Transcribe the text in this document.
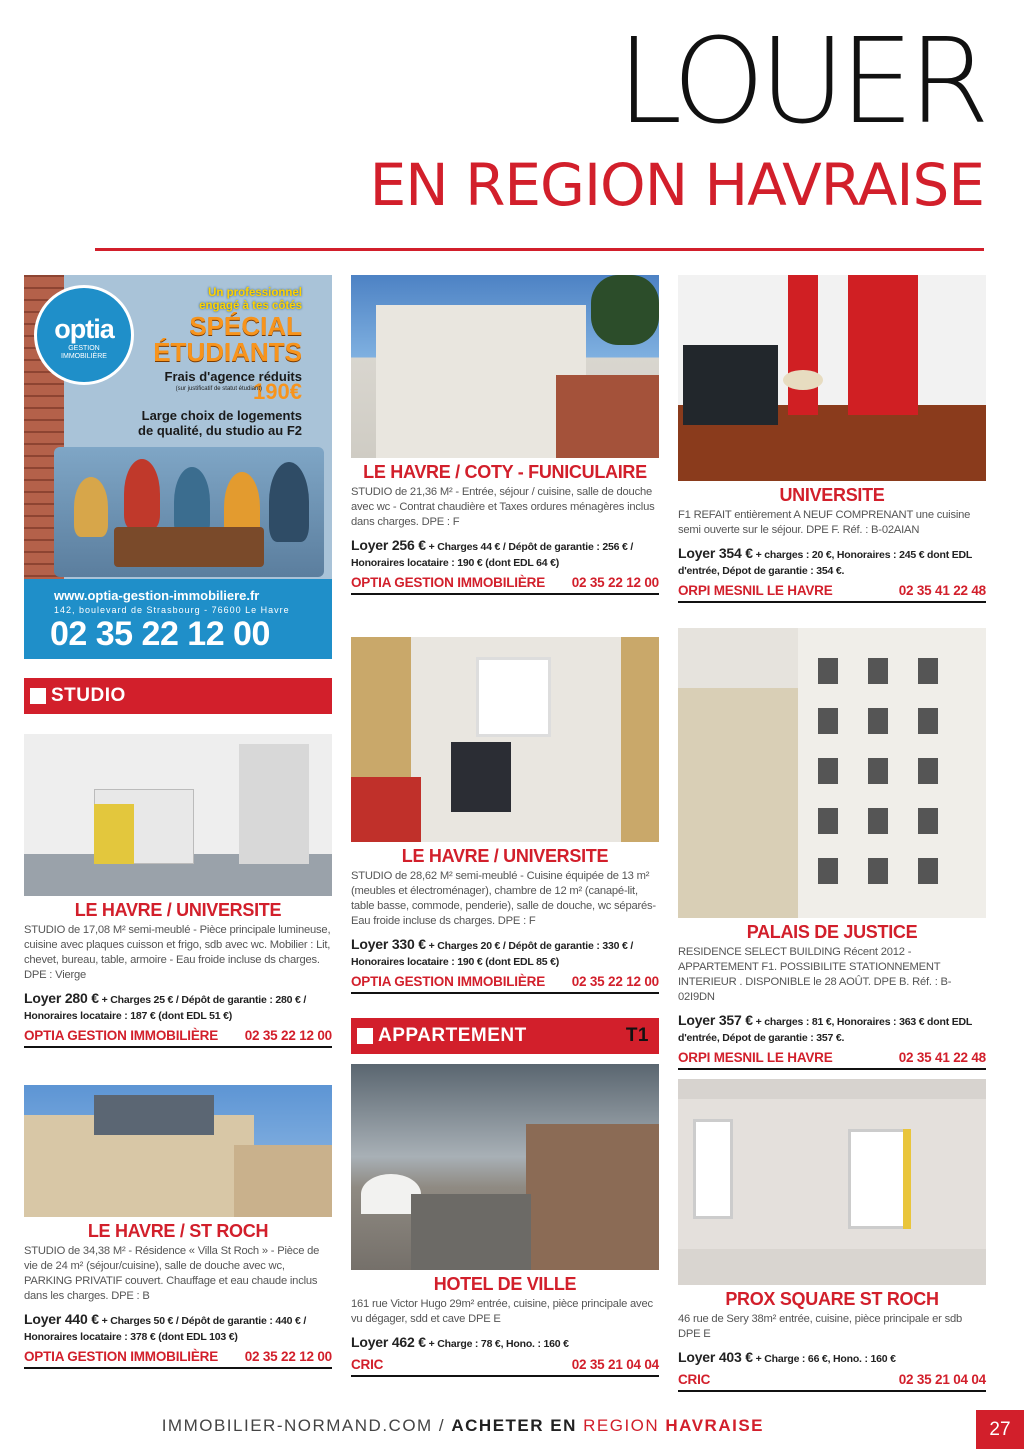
LOUER
EN REGION HAVRAISE
optia
GESTION
IMMOBILIÈRE
Un professionnel
engagé à tes côtés
SPÉCIAL
ÉTUDIANTS
Frais d'agence réduits
190€
(sur justificatif de statut étudiant)
Large choix de logements
de qualité, du studio au F2
www.optia-gestion-immobiliere.fr
142, boulevard de Strasbourg - 76600 Le Havre
02 35 22 12 00
STUDIO
APPARTEMENT	T1
LE HAVRE / COTY - FUNICULAIRE
STUDIO de 21,36 M² - Entrée, séjour / cuisine, salle de douche avec wc - Contrat chaudière et Taxes ordures ménagères inclus dans charges. DPE : F
Loyer 256 € + Charges 44 € / Dépôt de garantie : 256 € / Honoraires locataire : 190 € (dont EDL 64 €)
OPTIA GESTION IMMOBILIÈRE 02 35 22 12 00
UNIVERSITE
F1 REFAIT entièrement A NEUF COMPRENANT une cuisine semi ouverte sur le séjour. DPE F. Réf. : B-02AIAN
Loyer 354 € + charges : 20 €, Honoraires : 245 € dont EDL d'entrée, Dépot de garantie : 354 €.
ORPI MESNIL LE HAVRE	02 35 41 22 48
LE HAVRE / UNIVERSITE
STUDIO de 17,08 M² semi-meublé - Pièce principale lumineuse, cuisine avec plaques cuisson et frigo, sdb avec wc. Mobilier : Lit, chevet, bureau, table, armoire - Eau froide incluse ds charges. DPE : Vierge
Loyer 280 € + Charges 25 € / Dépôt de garantie : 280 € / Honoraires locataire : 187 € (dont EDL 51 €)
OPTIA GESTION IMMOBILIÈRE 02 35 22 12 00
LE HAVRE / UNIVERSITE
STUDIO de 28,62 M² semi-meublé - Cuisine équipée de 13 m² (meubles et électroménager), chambre de 12 m² (canapé-lit, table basse, commode, penderie), salle de douche, wc séparés- Eau froide incluse ds charges. DPE : F
Loyer 330 € + Charges 20 € / Dépôt de garantie : 330 € / Honoraires locataire : 190 € (dont EDL 85 €)
OPTIA GESTION IMMOBILIÈRE 02 35 22 12 00
PALAIS DE JUSTICE
RESIDENCE SELECT BUILDING Récent 2012 - APPARTEMENT F1. POSSIBILITE STATIONNEMENT INTERIEUR . DISPONIBLE le 28 AOÛT. DPE B. Réf. : B-02I9DN
Loyer 357 € + charges : 81 €, Honoraires : 363 € dont EDL d'entrée, Dépot de garantie : 357 €.
ORPI MESNIL LE HAVRE	02 35 41 22 48
LE HAVRE / ST ROCH
STUDIO de 34,38 M² - Résidence « Villa St Roch » - Pièce de vie de 24 m² (séjour/cuisine), salle de douche avec wc, PARKING PRIVATIF couvert. Chauffage et eau chaude inclus dans les charges. DPE : B
Loyer 440 € + Charges 50 € / Dépôt de garantie : 440 € / Honoraires locataire : 378 € (dont EDL 103 €)
OPTIA GESTION IMMOBILIÈRE 02 35 22 12 00
HOTEL DE VILLE
161 rue Victor Hugo 29m² entrée, cuisine, pièce principale avec vu dégager, sdd et cave DPE E
Loyer 462 € + Charge : 78 €, Hono. : 160 €
CRIC	02 35 21 04 04
PROX SQUARE ST ROCH
46 rue de Sery 38m² entrée, cuisine, pièce principale er sdb DPE E
Loyer 403 € + Charge : 66 €, Hono. : 160 €
CRIC	02 35 21 04 04
IMMOBILIER-NORMAND.COM / ACHETER EN REGION HAVRAISE	27
